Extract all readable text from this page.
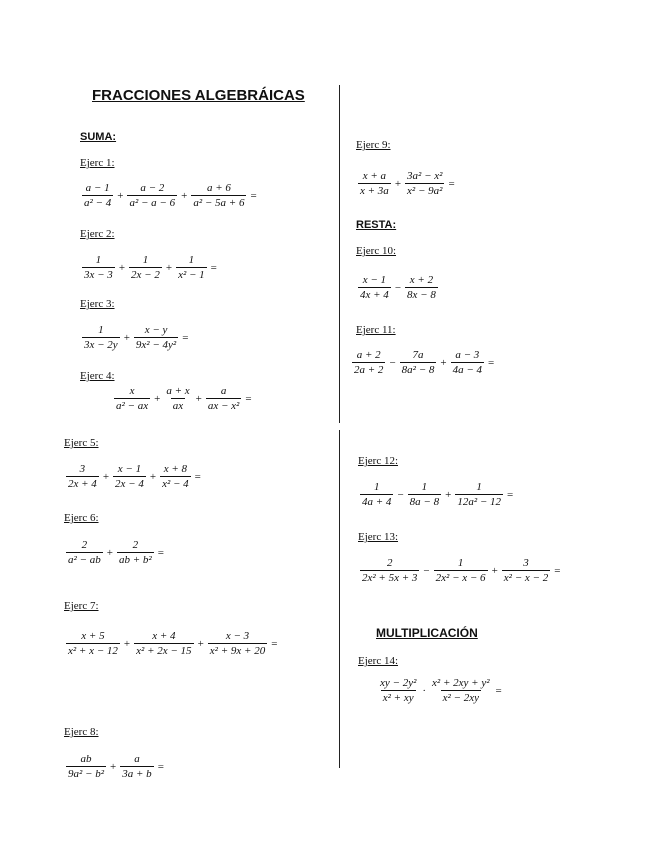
FRACCIONES ALGEBRÁICAS
SUMA:
RESTA:
MULTIPLICACIÓN
Ejerc 1:
$\frac{a - 1}{\text{a² − 4}} + \frac{a - 2}{\text{a² − a − 6}} + \frac{a + 6}{\text{a² − 5a + 6}}$ =
Ejerc 2:
$\frac{1}{3x - 3} + \frac{1}{2x - 2} + \frac{1}{\text{x² − 1}}$ =
Ejerc 3:
$\frac{1}{3x - 2y} + \frac{x - y}{\text{9x² − 4y²}}$ =
Ejerc 4:
$\frac{x}{\text{a² − ax}} + \frac{a + x}{ax} + \frac{a}{\text{ax − x²}}$ =
Ejerc 5:
$\frac{3}{2x + 4} + \frac{x - 1}{2x - 4} + \frac{x + 8}{\text{x² − 4}}$ =
Ejerc 6:
$\frac{2}{\text{a² − ab}} + \frac{2}{\text{ab + b²}}$ =
Ejerc 7:
$\frac{x + 5}{\text{x² + x − 12}} + \frac{x + 4}{\text{x² + 2x − 15}} + \frac{x - 3}{\text{x² + 9x + 20}}$ =
Ejerc 8:
$\frac{ab}{\text{9a² − b²}} + \frac{a}{3a + b}$ =
Ejerc 9:
$\frac{x + a}{x + 3a} + \frac{\text{3a² − x²}}{\text{x² − 9a²}}$ =
Ejerc 10:
$\frac{x - 1}{4x + 4} - \frac{x + 2}{8x - 8}$
Ejerc 11:
$\frac{a + 2}{2a + 2} - \frac{7a}{\text{8a² − 8}} + \frac{a - 3}{4a - 4}$ =
Ejerc 12:
$\frac{1}{4a + 4} - \frac{1}{8a - 8} + \frac{1}{\text{12a² − 12}}$ =
Ejerc 13:
$\frac{2}{\text{2x² + 5x + 3}} - \frac{1}{\text{2x² − x − 6}} + \frac{3}{\text{x² − x − 2}}$ =
Ejerc 14:
$\frac{\text{xy − 2y²}}{\text{x² + xy}} \cdot \frac{\text{x² + 2xy + y²}}{\text{x² − 2xy}}$ =
